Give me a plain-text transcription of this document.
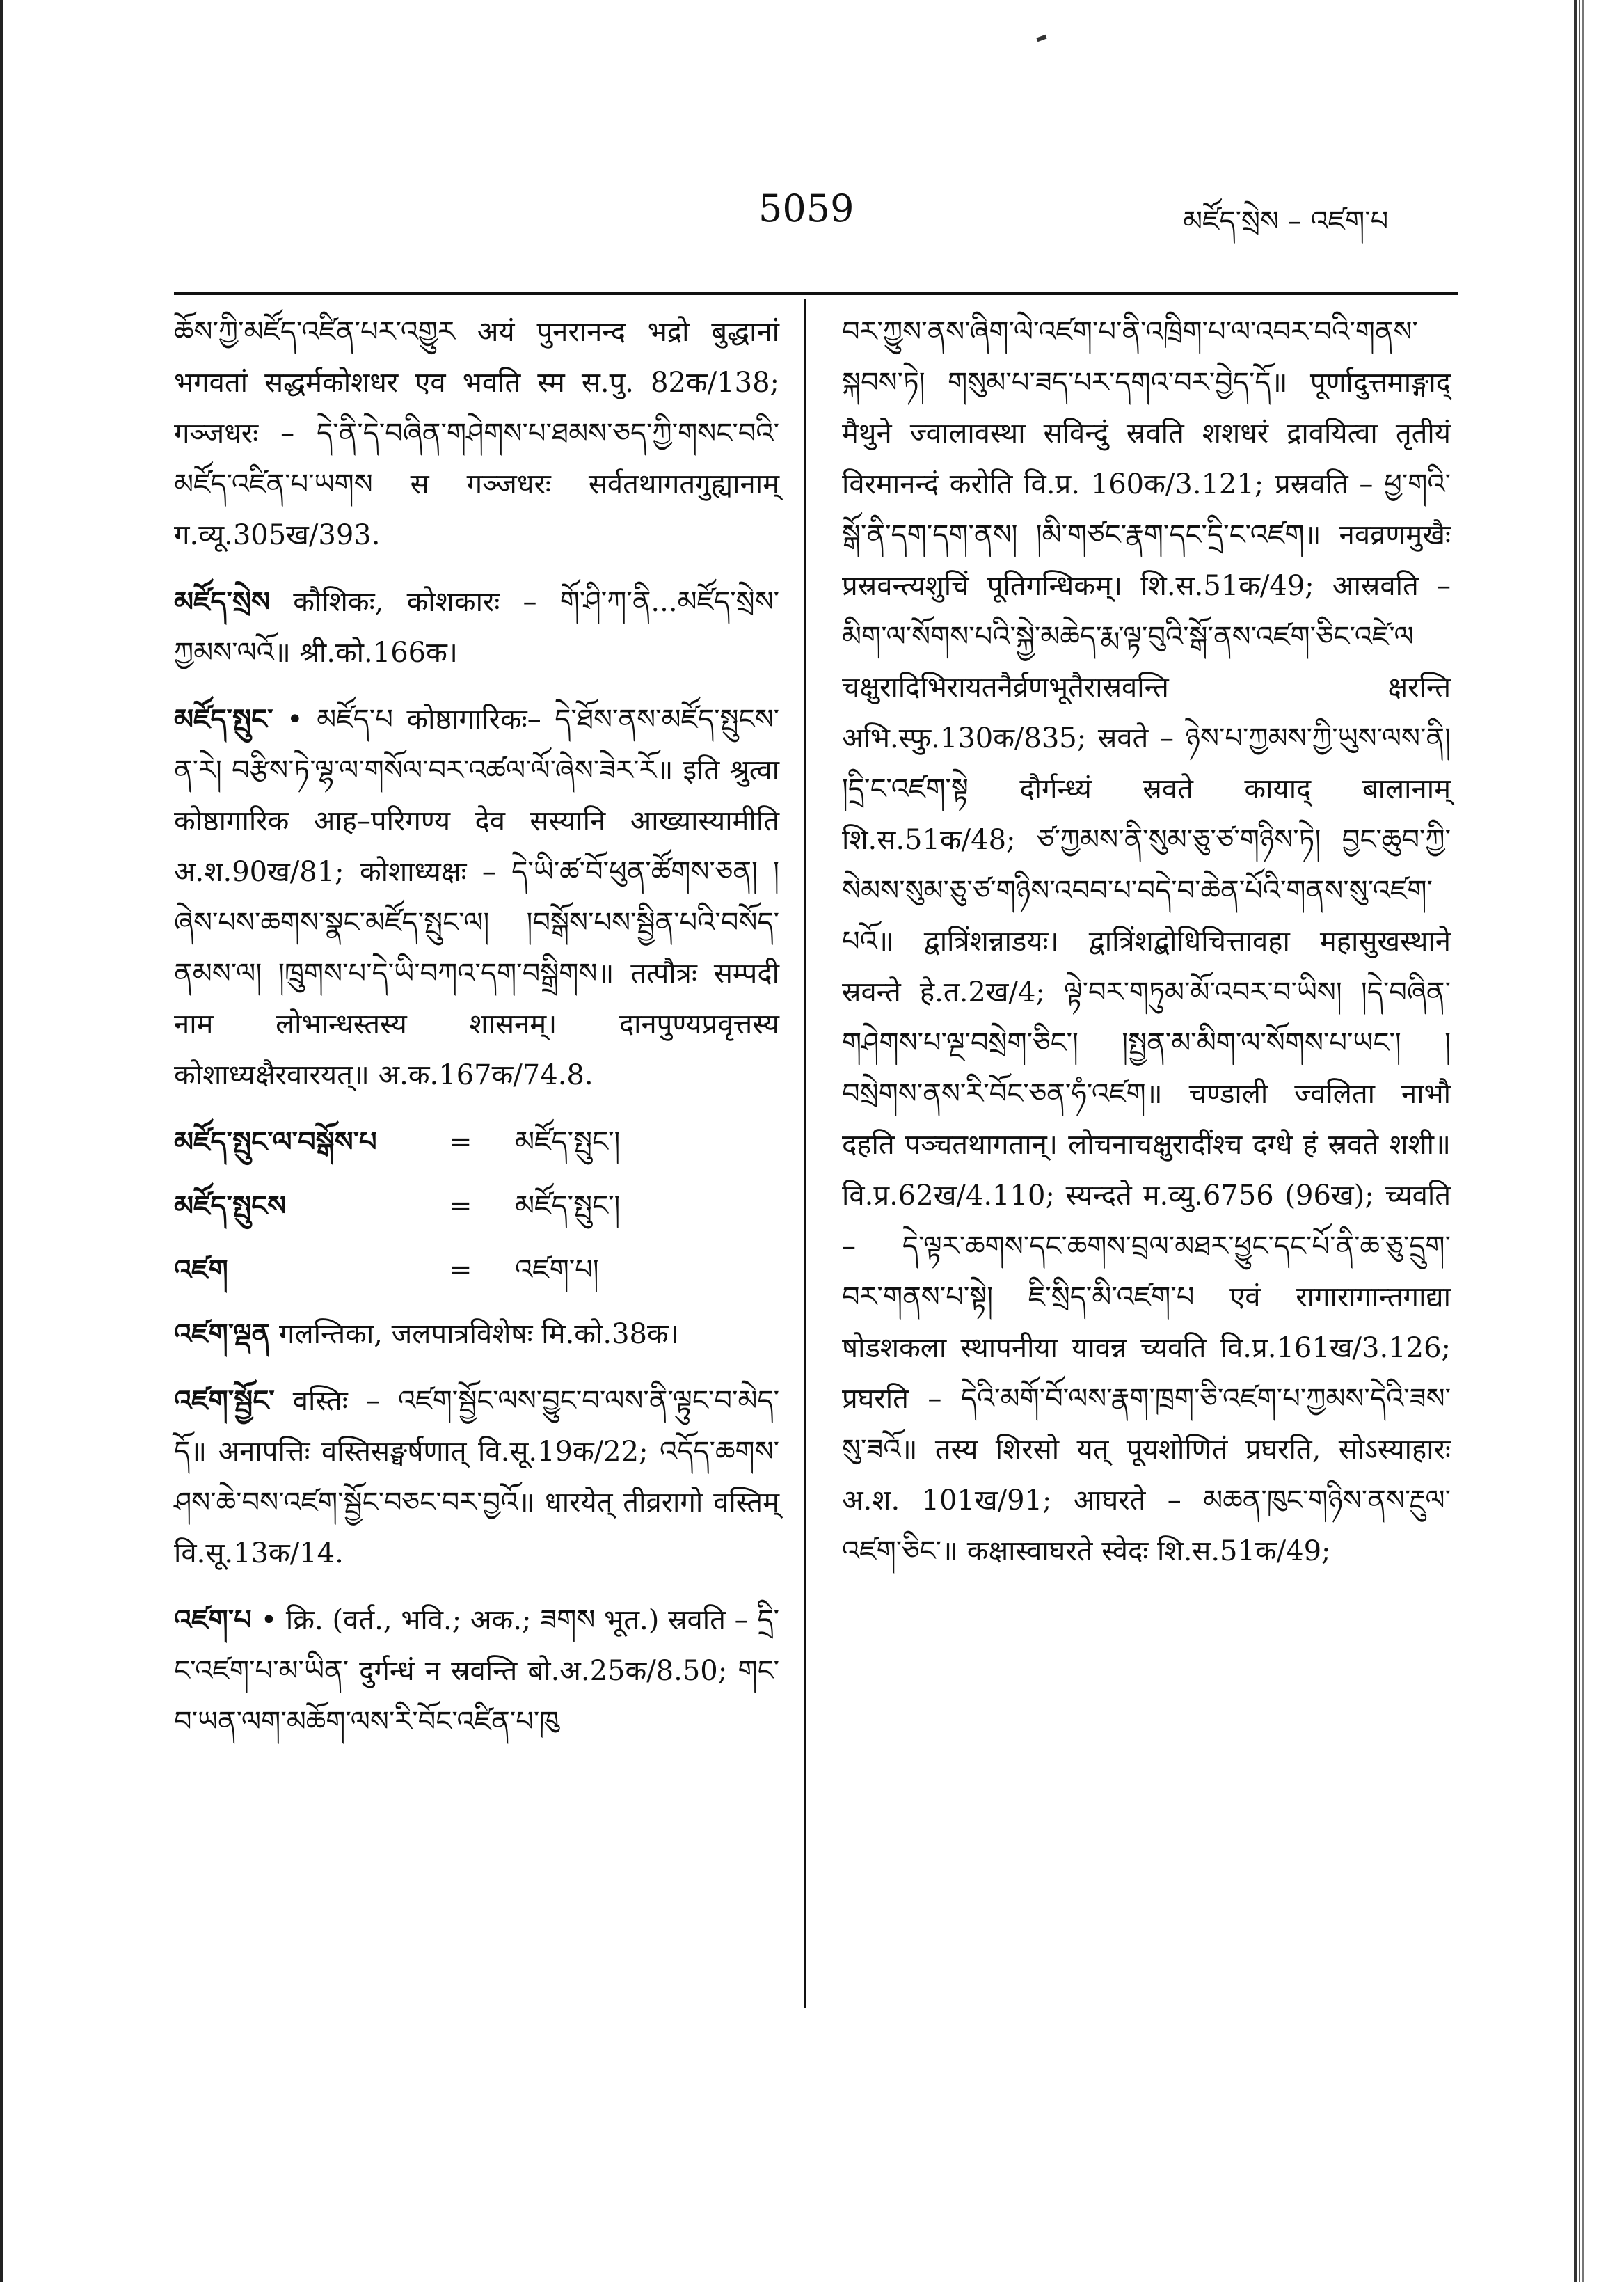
5059	མཛོད་སྲེས – འཛག་པ
ཆོས་ཀྱི་མཛོད་འཛིན་པར་འགྱུར अयं पुनरानन्द भद्रो बुद्धानां भगवतां सद्धर्मकोशधर एव भवति स्म स.पु. 82क/138; गञ्जधरः – དེ་ནི་དེ་བཞིན་གཤེགས་པ་ཐམས་ཅད་ཀྱི་གསང་བའི་མཛོད་འཛིན་པ་ཡགས स गञ्जधरः सर्वतथागतगुह्यानाम् ग.व्यू.305ख/393.
མཛོད་སྲེས कौशिकः, कोशकारः – གོ་ཤི་ཀ་ནི...མཛོད་སྲེས་ཀྱམས་ལའོ॥ श्री.को.166क।
མཛོད་སྤུང་ • མཛོད་པ कोष्ठागारिकः– དེ་ཐོས་ནས་མཛོད་སྤུངས་ན་རེ། བརྩིས་ཏེ་ལྷ་ལ་གསོལ་བར་འཚལ་ལོ་ཞེས་ཟེར་རོ॥ इति श्रुत्वा कोष्ठागारिक आह–परिगण्य देव सस्यानि आख्यास्यामीति अ.श.90ख/81; कोशाध्यक्षः – དེ་ཡི་ཚ་བོ་ཕུན་ཚོགས་ཅན། །ཞེས་པས་ཆགས་སྣང་མཛོད་སྤུང་ལ། །བསྒོས་པས་སྦྱིན་པའི་བསོད་ནམས་ལ། །ཁྲུགས་པ་དེ་ཡི་བཀའ་དག་བསྒྲིགས॥ तत्पौत्रः सम्पदी नाम लोभान्धस्तस्य शासनम्। दानपुण्यप्रवृत्तस्य कोशाध्यक्षैरवारयत्॥ अ.क.167क/74.8.
མཛོད་སྤུང་ལ་བསྒོས་པ	=	མཛོད་སྤུང་།
མཛོད་སྤུངས	=	མཛོད་སྤུང་།
འཛག	=	འཛག་པ།
འཛག་ལྡན गलन्तिका, जलपात्रविशेषः मि.को.38क।
འཛག་སྦྱོང་ वस्तिः – འཛག་སྦྱོང་ལས་བྱུང་བ་ལས་ནི་ལྟུང་བ་མེད་དོ॥ अनापत्तिः वस्तिसङ्घर्षणात् वि.सू.19क/22; འདོད་ཆགས་ཤས་ཆེ་བས་འཛག་སྦྱོང་བཅང་བར་བྱའོ॥ धारयेत् तीव्ररागो वस्तिम् वि.सू.13क/14.
འཛག་པ • क्रि. (वर्त., भवि.; अक.; ཟགས भूत.) स्रवति – དྲི་ང་འཛག་པ་མ་ཡིན་ दुर्गन्धं न स्रवन्ति बो.अ.25क/8.50; གང་བ་ཡན་ལག་མཆོག་ལས་རི་བོང་འཛིན་པ་ཁུ
བར་ཀྱུས་ནས་ཞིག་ལེ་འཛག་པ་ནི་འཁྲིག་པ་ལ་འབར་བའི་གནས་སྐབས་ཏེ། གསུམ་པ་ཟད་པར་དགའ་བར་བྱེད་དོ॥ पूर्णादुत्तमाङ्गाद् मैथुने ज्वालावस्था सविन्दुं स्रवति शशधरं द्रावयित्वा तृतीयं विरमानन्दं करोति वि.प्र. 160क/3.121; प्रस्रवति – ཕྱ་གའི་སྒོ་ནི་དག་དག་ནས། །མི་གཙང་རྣག་དང་དྲི་ང་འཛག॥ नवव्रणमुखैः प्रस्रवन्त्यशुचिं पूतिगन्धिकम्। शि.स.51क/49; आस्रवति – མིག་ལ་སོགས་པའི་སྐྱེ་མཆེད་རྨ་ལྟ་བུའི་སྒོ་ནས་འཛག་ཅིང་འཛེ་ལ चक्षुरादिभिरायतनैर्व्रणभूतैरास्रवन्ति क्षरन्ति अभि.स्फु.130क/835; स्रवते – ཉེས་པ་ཀྱམས་ཀྱི་ཡུས་ལས་ནི། །དྲི་ང་འཛག་སྟེ दौर्गन्ध्यं स्रवते कायाद् बालानाम् शि.स.51क/48; ཙ་ཀྱམས་ནི་སུམ་ཅུ་ཙ་གཉིས་ཏེ། བྱང་ཆུབ་ཀྱི་སེམས་སུམ་ཅུ་ཙ་གཉིས་འབབ་པ་བདེ་བ་ཆེན་པོའི་གནས་སུ་འཛག་པའོ॥ द्वात्रिंशन्नाडयः। द्वात्रिंशद्बोधिचित्तावहा महासुखस्थाने स्रवन्ते हे.त.2ख/4; ལྟེ་བར་གཏུམ་མོ་འབར་བ་ཡིས། །དེ་བཞིན་གཤེགས་པ་ལྔ་བསྲེག་ཅིང་། །སྤྱན་མ་མིག་ལ་སོགས་པ་ཡང་། །བསྲེགས་ནས་རི་བོང་ཅན་ཧཾ་འཛག॥ चण्डाली ज्वलिता नाभौ दहति पञ्चतथागतान्। लोचनाचक्षुरादींश्च दग्धे हं स्रवते शशी॥ वि.प्र.62ख/4.110; स्यन्दते म.व्यु.6756 (96ख); च्यवति – དེ་ལྟར་ཆགས་དང་ཆགས་བྲལ་མཐར་ཕྱུང་དང་པོ་ནི་ཆ་ཅུ་དྲུག་བར་གནས་པ་སྟེ། ཇི་སྲིད་མི་འཛག་པ एवं रागारागान्तगाद्या षोडशकला स्थापनीया यावन्न च्यवति वि.प्र.161ख/3.126; प्रघरति – དེའི་མགོ་བོ་ལས་རྣག་ཁྲག་ཅི་འཛག་པ་ཀྱམས་དེའི་ཟས་སུ་ཟའོ॥ तस्य शिरसो यत् पूयशोणितं प्रघरति, सोऽस्याहारः अ.श. 101ख/91; आघरते – མཆན་ཁུང་གཉིས་ནས་རྔུལ་འཛག་ཅིང་॥ कक्षास्वाघरते स्वेदः शि.स.51क/49;
